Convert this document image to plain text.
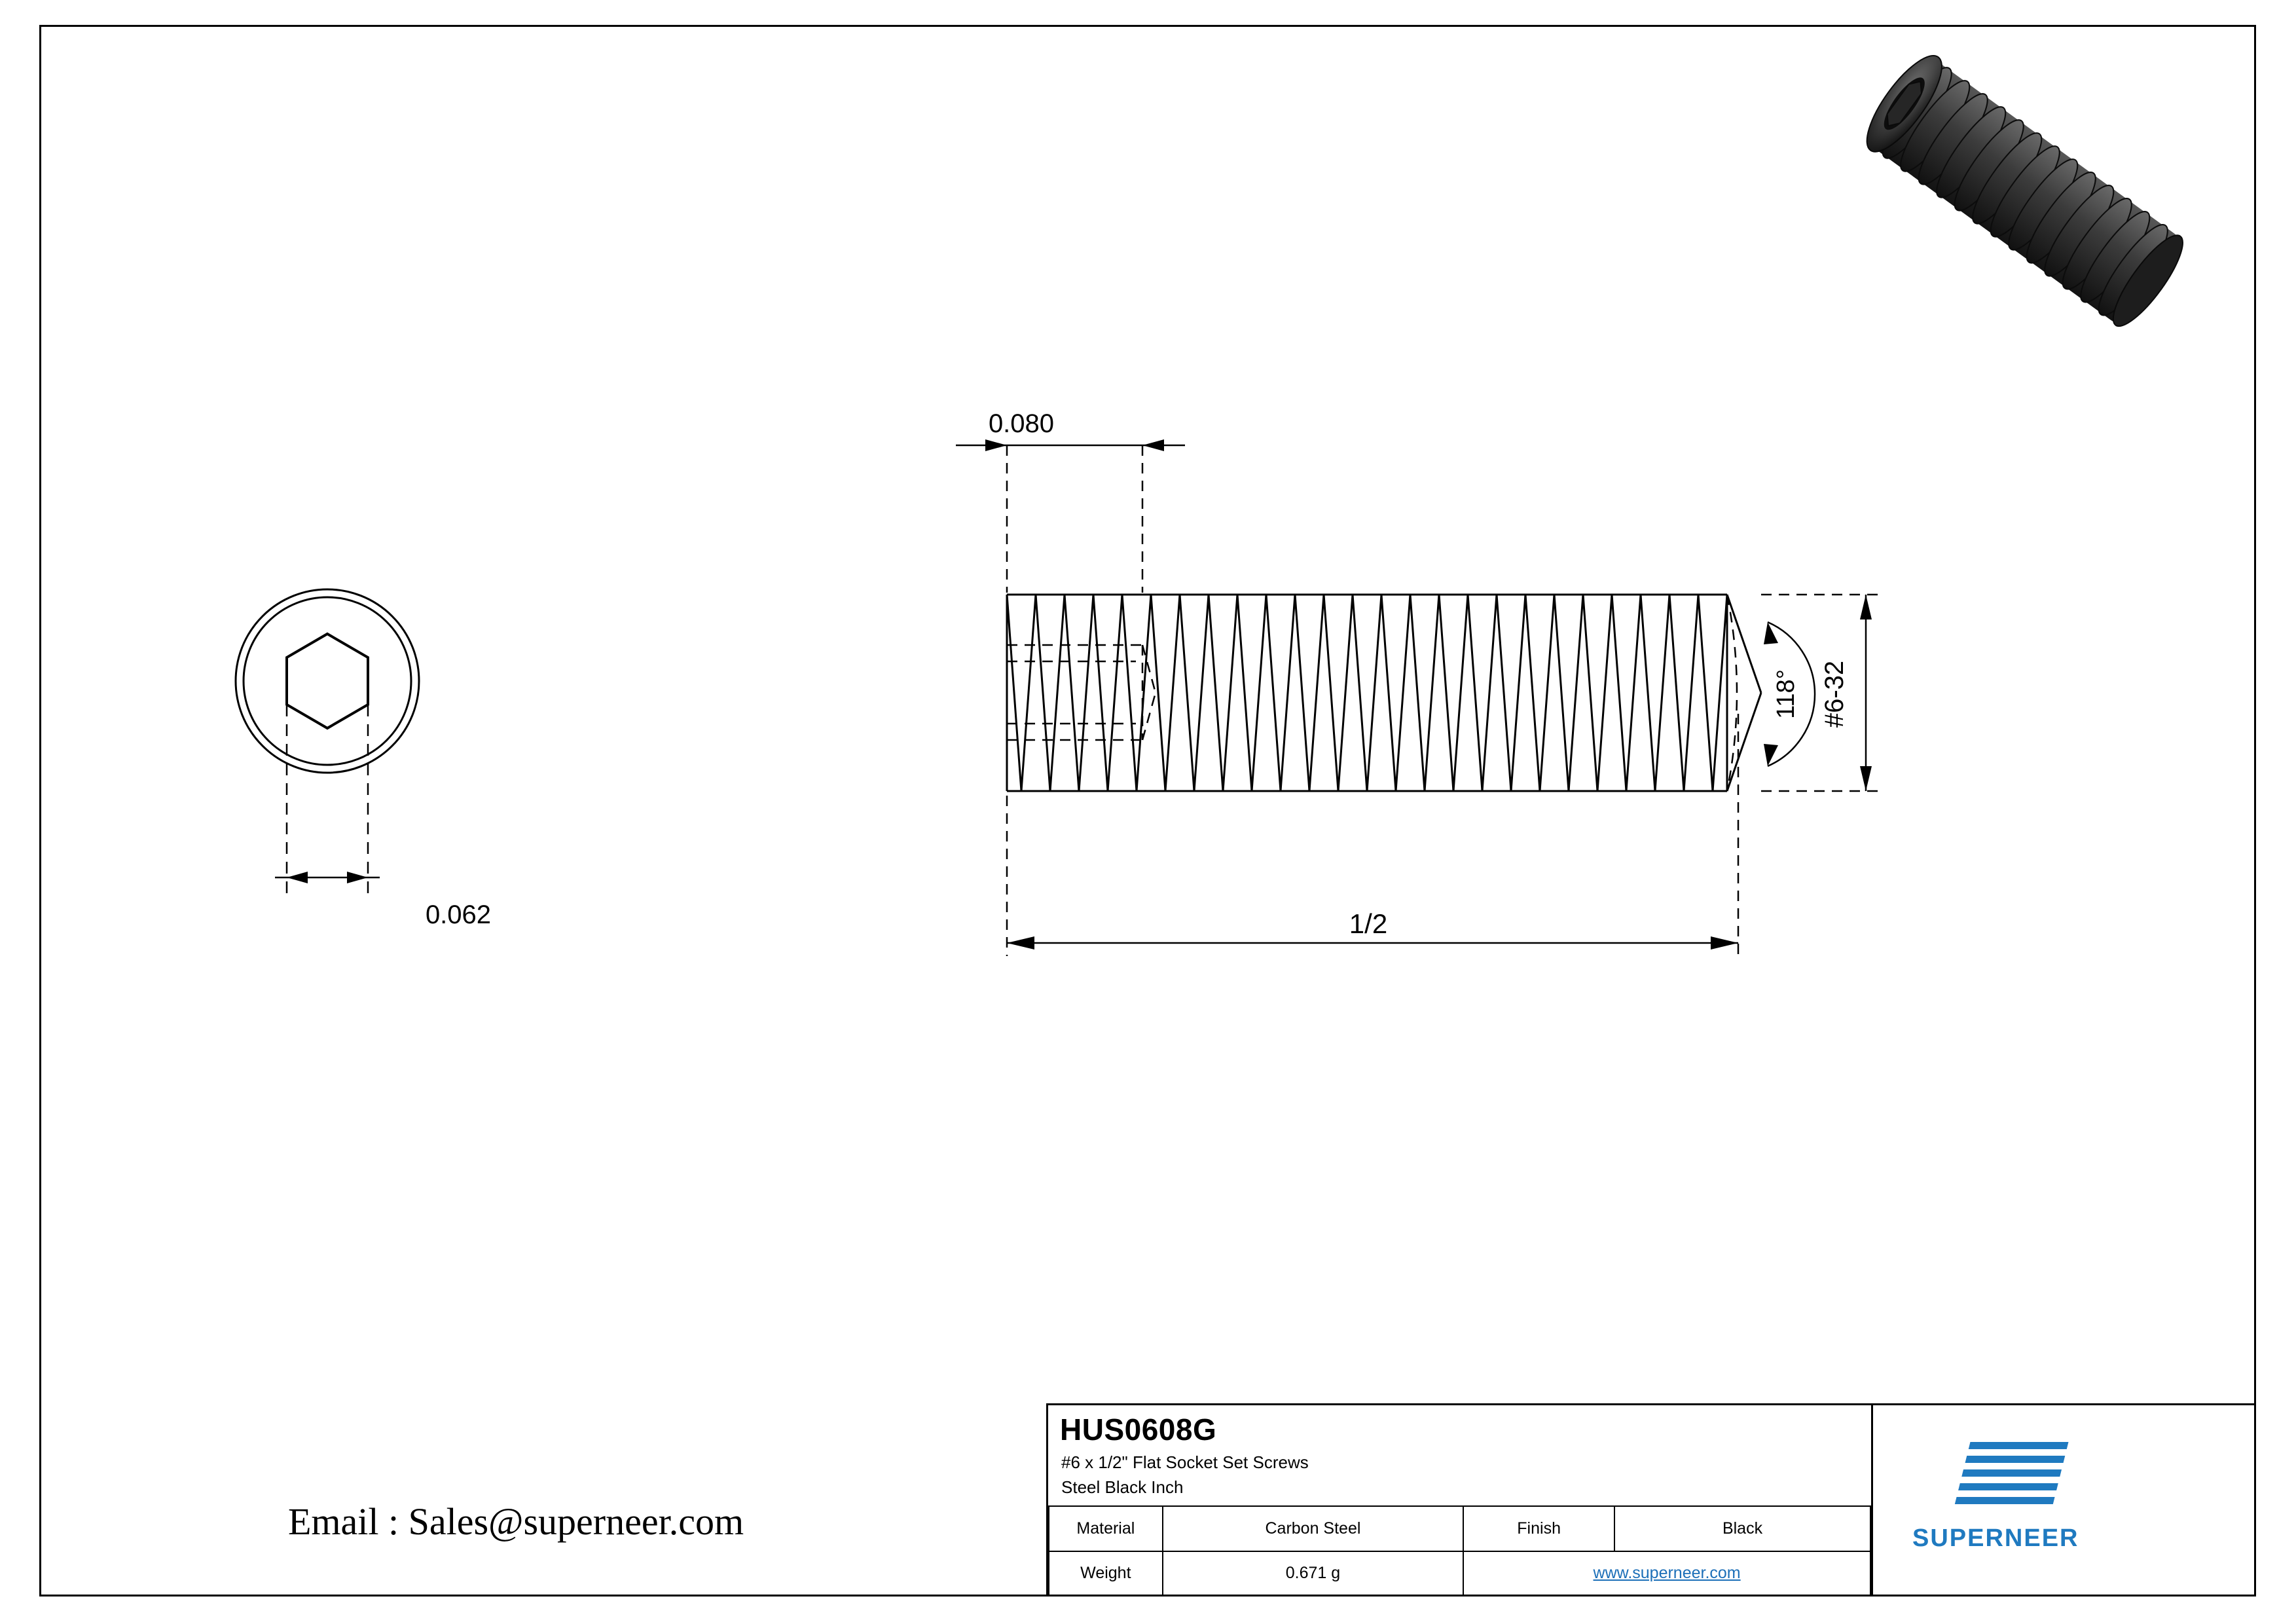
0.080
0.062	1/2
118° #6-32
Email : Sales@superneer.com
HUS0608G
#6 x 1/2" Flat Socket Set Screws
Steel Black Inch
Material	Carbon Steel	Finish	Black
Weight	0.671 g	www.superneer.com	
SUPERNEER
